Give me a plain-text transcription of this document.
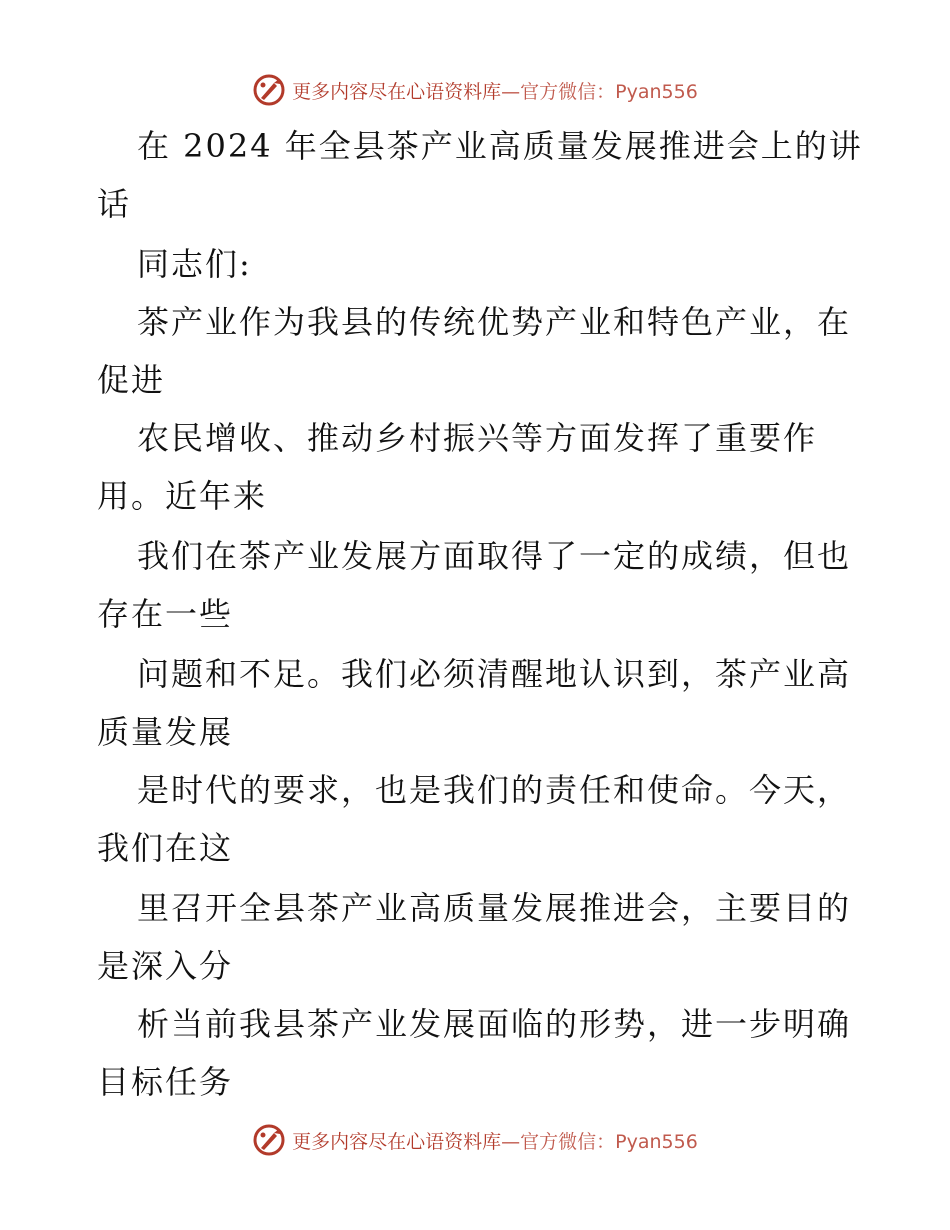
更多内容尽在心语资料库—官方微信：Pyan556
在 2024 年全县茶产业高质量发展推进会上的讲
话
同志们:
茶产业作为我县的传统优势产业和特色产业，在
促进
农民增收、推动乡村振兴等方面发挥了重要作
用。近年来
我们在茶产业发展方面取得了一定的成绩，但也
存在一些
问题和不足。我们必须清醒地认识到，茶产业高
质量发展
是时代的要求，也是我们的责任和使命。今天，
我们在这
里召开全县茶产业高质量发展推进会，主要目的
是深入分
析当前我县茶产业发展面临的形势，进一步明确
目标任务
更多内容尽在心语资料库—官方微信：Pyan556
